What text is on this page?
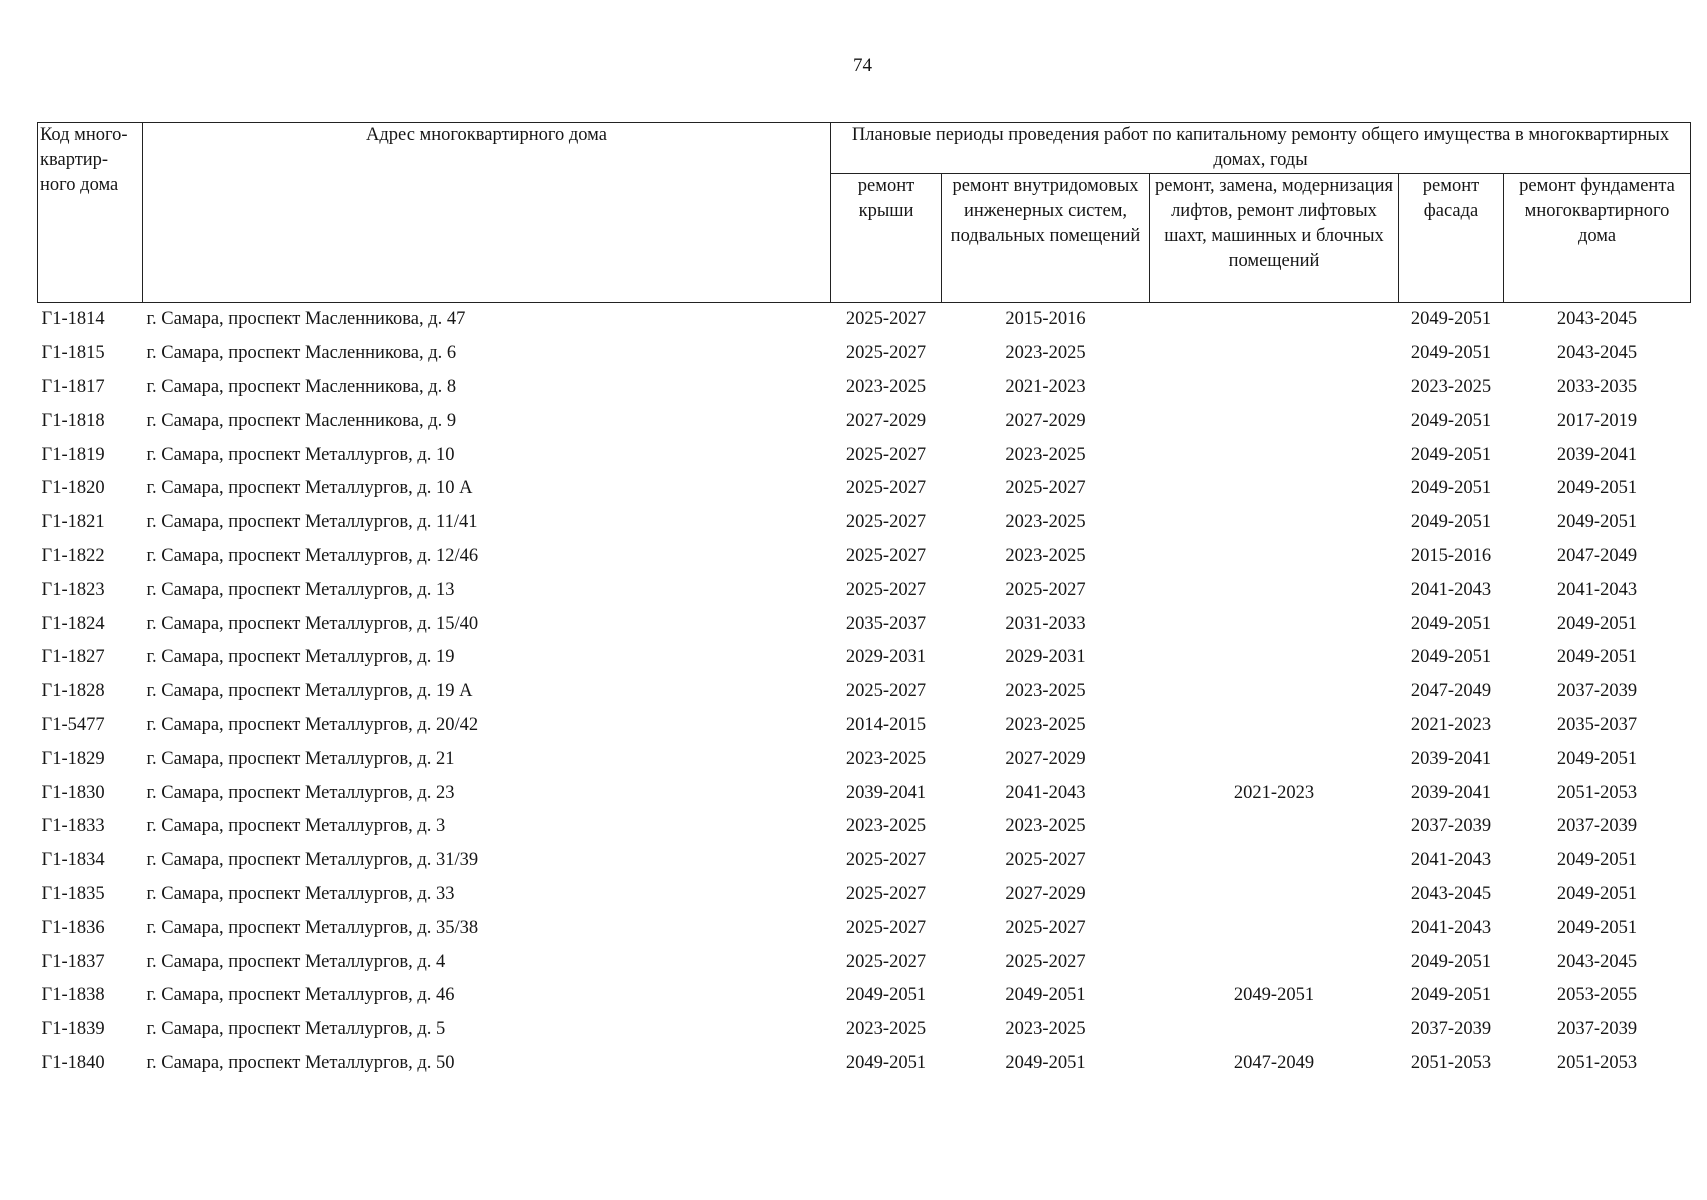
74
Код много-квартир-ного дома	Адрес многоквартирного дома	Плановые периоды проведения работ по капитальному ремонту общего имущества в многоквартирных домах, годы				
		ремонт крыши	ремонт внутридомовых инженерных систем, подвальных помещений	ремонт, замена, модернизация лифтов, ремонт лифтовых шахт, машинных и блочных помещений	ремонт фасада	ремонт фундамента многоквартирного дома
Г1-1814	г. Самара, проспект Масленникова, д. 47	2025-2027	2015-2016		2049-2051	2043-2045
Г1-1815	г. Самара, проспект Масленникова, д. 6	2025-2027	2023-2025		2049-2051	2043-2045
Г1-1817	г. Самара, проспект Масленникова, д. 8	2023-2025	2021-2023		2023-2025	2033-2035
Г1-1818	г. Самара, проспект Масленникова, д. 9	2027-2029	2027-2029		2049-2051	2017-2019
Г1-1819	г. Самара, проспект Металлургов, д. 10	2025-2027	2023-2025		2049-2051	2039-2041
Г1-1820	г. Самара, проспект Металлургов, д. 10 А	2025-2027	2025-2027		2049-2051	2049-2051
Г1-1821	г. Самара, проспект Металлургов, д. 11/41	2025-2027	2023-2025		2049-2051	2049-2051
Г1-1822	г. Самара, проспект Металлургов, д. 12/46	2025-2027	2023-2025		2015-2016	2047-2049
Г1-1823	г. Самара, проспект Металлургов, д. 13	2025-2027	2025-2027		2041-2043	2041-2043
Г1-1824	г. Самара, проспект Металлургов, д. 15/40	2035-2037	2031-2033		2049-2051	2049-2051
Г1-1827	г. Самара, проспект Металлургов, д. 19	2029-2031	2029-2031		2049-2051	2049-2051
Г1-1828	г. Самара, проспект Металлургов, д. 19 А	2025-2027	2023-2025		2047-2049	2037-2039
Г1-5477	г. Самара, проспект Металлургов, д. 20/42	2014-2015	2023-2025		2021-2023	2035-2037
Г1-1829	г. Самара, проспект Металлургов, д. 21	2023-2025	2027-2029		2039-2041	2049-2051
Г1-1830	г. Самара, проспект Металлургов, д. 23	2039-2041	2041-2043	2021-2023	2039-2041	2051-2053
Г1-1833	г. Самара, проспект Металлургов, д. 3	2023-2025	2023-2025		2037-2039	2037-2039
Г1-1834	г. Самара, проспект Металлургов, д. 31/39	2025-2027	2025-2027		2041-2043	2049-2051
Г1-1835	г. Самара, проспект Металлургов, д. 33	2025-2027	2027-2029		2043-2045	2049-2051
Г1-1836	г. Самара, проспект Металлургов, д. 35/38	2025-2027	2025-2027		2041-2043	2049-2051
Г1-1837	г. Самара, проспект Металлургов, д. 4	2025-2027	2025-2027		2049-2051	2043-2045
Г1-1838	г. Самара, проспект Металлургов, д. 46	2049-2051	2049-2051	2049-2051	2049-2051	2053-2055
Г1-1839	г. Самара, проспект Металлургов, д. 5	2023-2025	2023-2025		2037-2039	2037-2039
Г1-1840	г. Самара, проспект Металлургов, д. 50	2049-2051	2049-2051	2047-2049	2051-2053	2051-2053
